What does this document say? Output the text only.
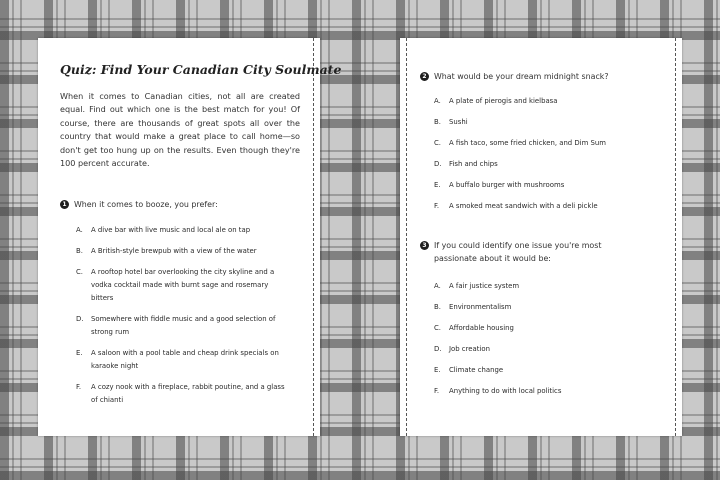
Quiz: Find Your Canadian City Soulmate
When it comes to Canadian cities, not all are created equal. Find out which one is the best match for you! Of course, there are thousands of great spots all over the country that would make a great place to call home—so don't get too hung up on the results. Even though they're 100 percent accurate.
1 When it comes to booze, you prefer:
A.	A dive bar with live music and local ale on tap
B.	A British-style brewpub with a view of the water
C.	A rooftop hotel bar overlooking the city skyline and a vodka cocktail made with burnt sage and rosemary bitters
D.	Somewhere with fiddle music and a good selection of strong rum
E.	A saloon with a pool table and cheap drink specials on karaoke night
F.	A cozy nook with a fireplace, rabbit poutine, and a glass of chianti
2 What would be your dream midnight snack?
A.	A plate of pierogis and kielbasa
B.	Sushi
C.	A fish taco, some fried chicken, and Dim Sum
D.	Fish and chips
E.	A buffalo burger with mushrooms
F.	A smoked meat sandwich with a deli pickle
3 If you could identify one issue you're most passionate about it would be:
A.	A fair justice system
B.	Environmentalism
C.	Affordable housing
D.	Job creation
E.	Climate change
F.	Anything to do with local politics
